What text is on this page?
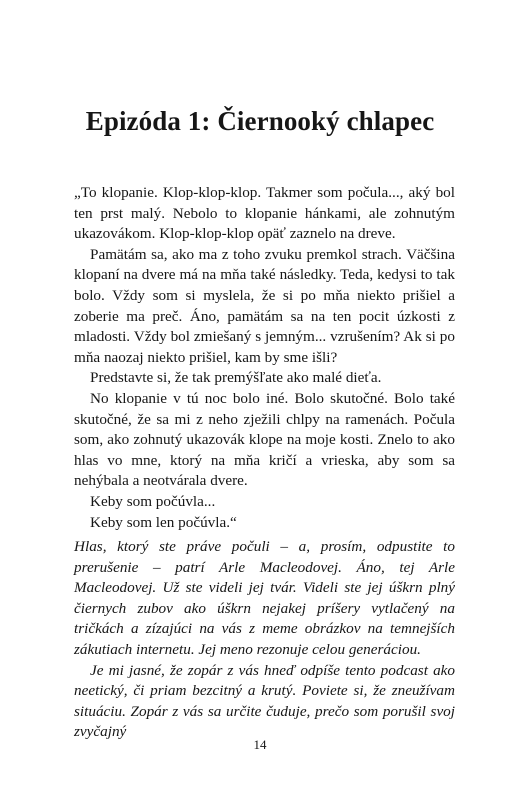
Epizóda 1: Čiernooký chlapec

„To klopanie. Klop-klop-klop. Takmer som počula..., aký bol ten prst malý. Nebolo to klopanie hánkami, ale zohnutým ukazovákom. Klop-klop-klop opäť zaznelo na dreve.

Pamätám sa, ako ma z toho zvuku premkol strach. Väčšina klopaní na dvere má na mňa také následky. Teda, kedysi to tak bolo. Vždy som si myslela, že si po mňa niekto prišiel a zoberie ma preč. Áno, pamätám sa na ten pocit úzkosti z mladosti. Vždy bol zmiešaný s jemným... vzrušením? Ak si po mňa naozaj niekto prišiel, kam by sme išli?

Predstavte si, že tak premýšľate ako malé dieťa.

No klopanie v tú noc bolo iné. Bolo skutočné. Bolo také skutočné, že sa mi z neho zježili chlpy na ramenách. Počula som, ako zohnutý ukazovák klope na moje kosti. Znelo to ako hlas vo mne, ktorý na mňa kričí a vrieska, aby som sa nehýbala a neotvárala dvere.

Keby som počúvla...

Keby som len počúvla.“

Hlas, ktorý ste práve počuli – a, prosím, odpustite to prerušenie – patrí Arle Macleodovej. Áno, tej Arle Macleodovej. Už ste videli jej tvár. Videli ste jej úškrn plný čiernych zubov ako úškrn nejakej príšery vytlačený na tričkách a zízajúci na vás z meme obrázkov na temnejších zákutiach internetu. Jej meno rezonuje celou generáciou.

Je mi jasné, že zopár z vás hneď odpíše tento podcast ako neetický, či priam bezcitný a krutý. Poviete si, že zneužívam situáciu. Zopár z vás sa určite čuduje, prečo som porušil svoj zvyčajný

14
